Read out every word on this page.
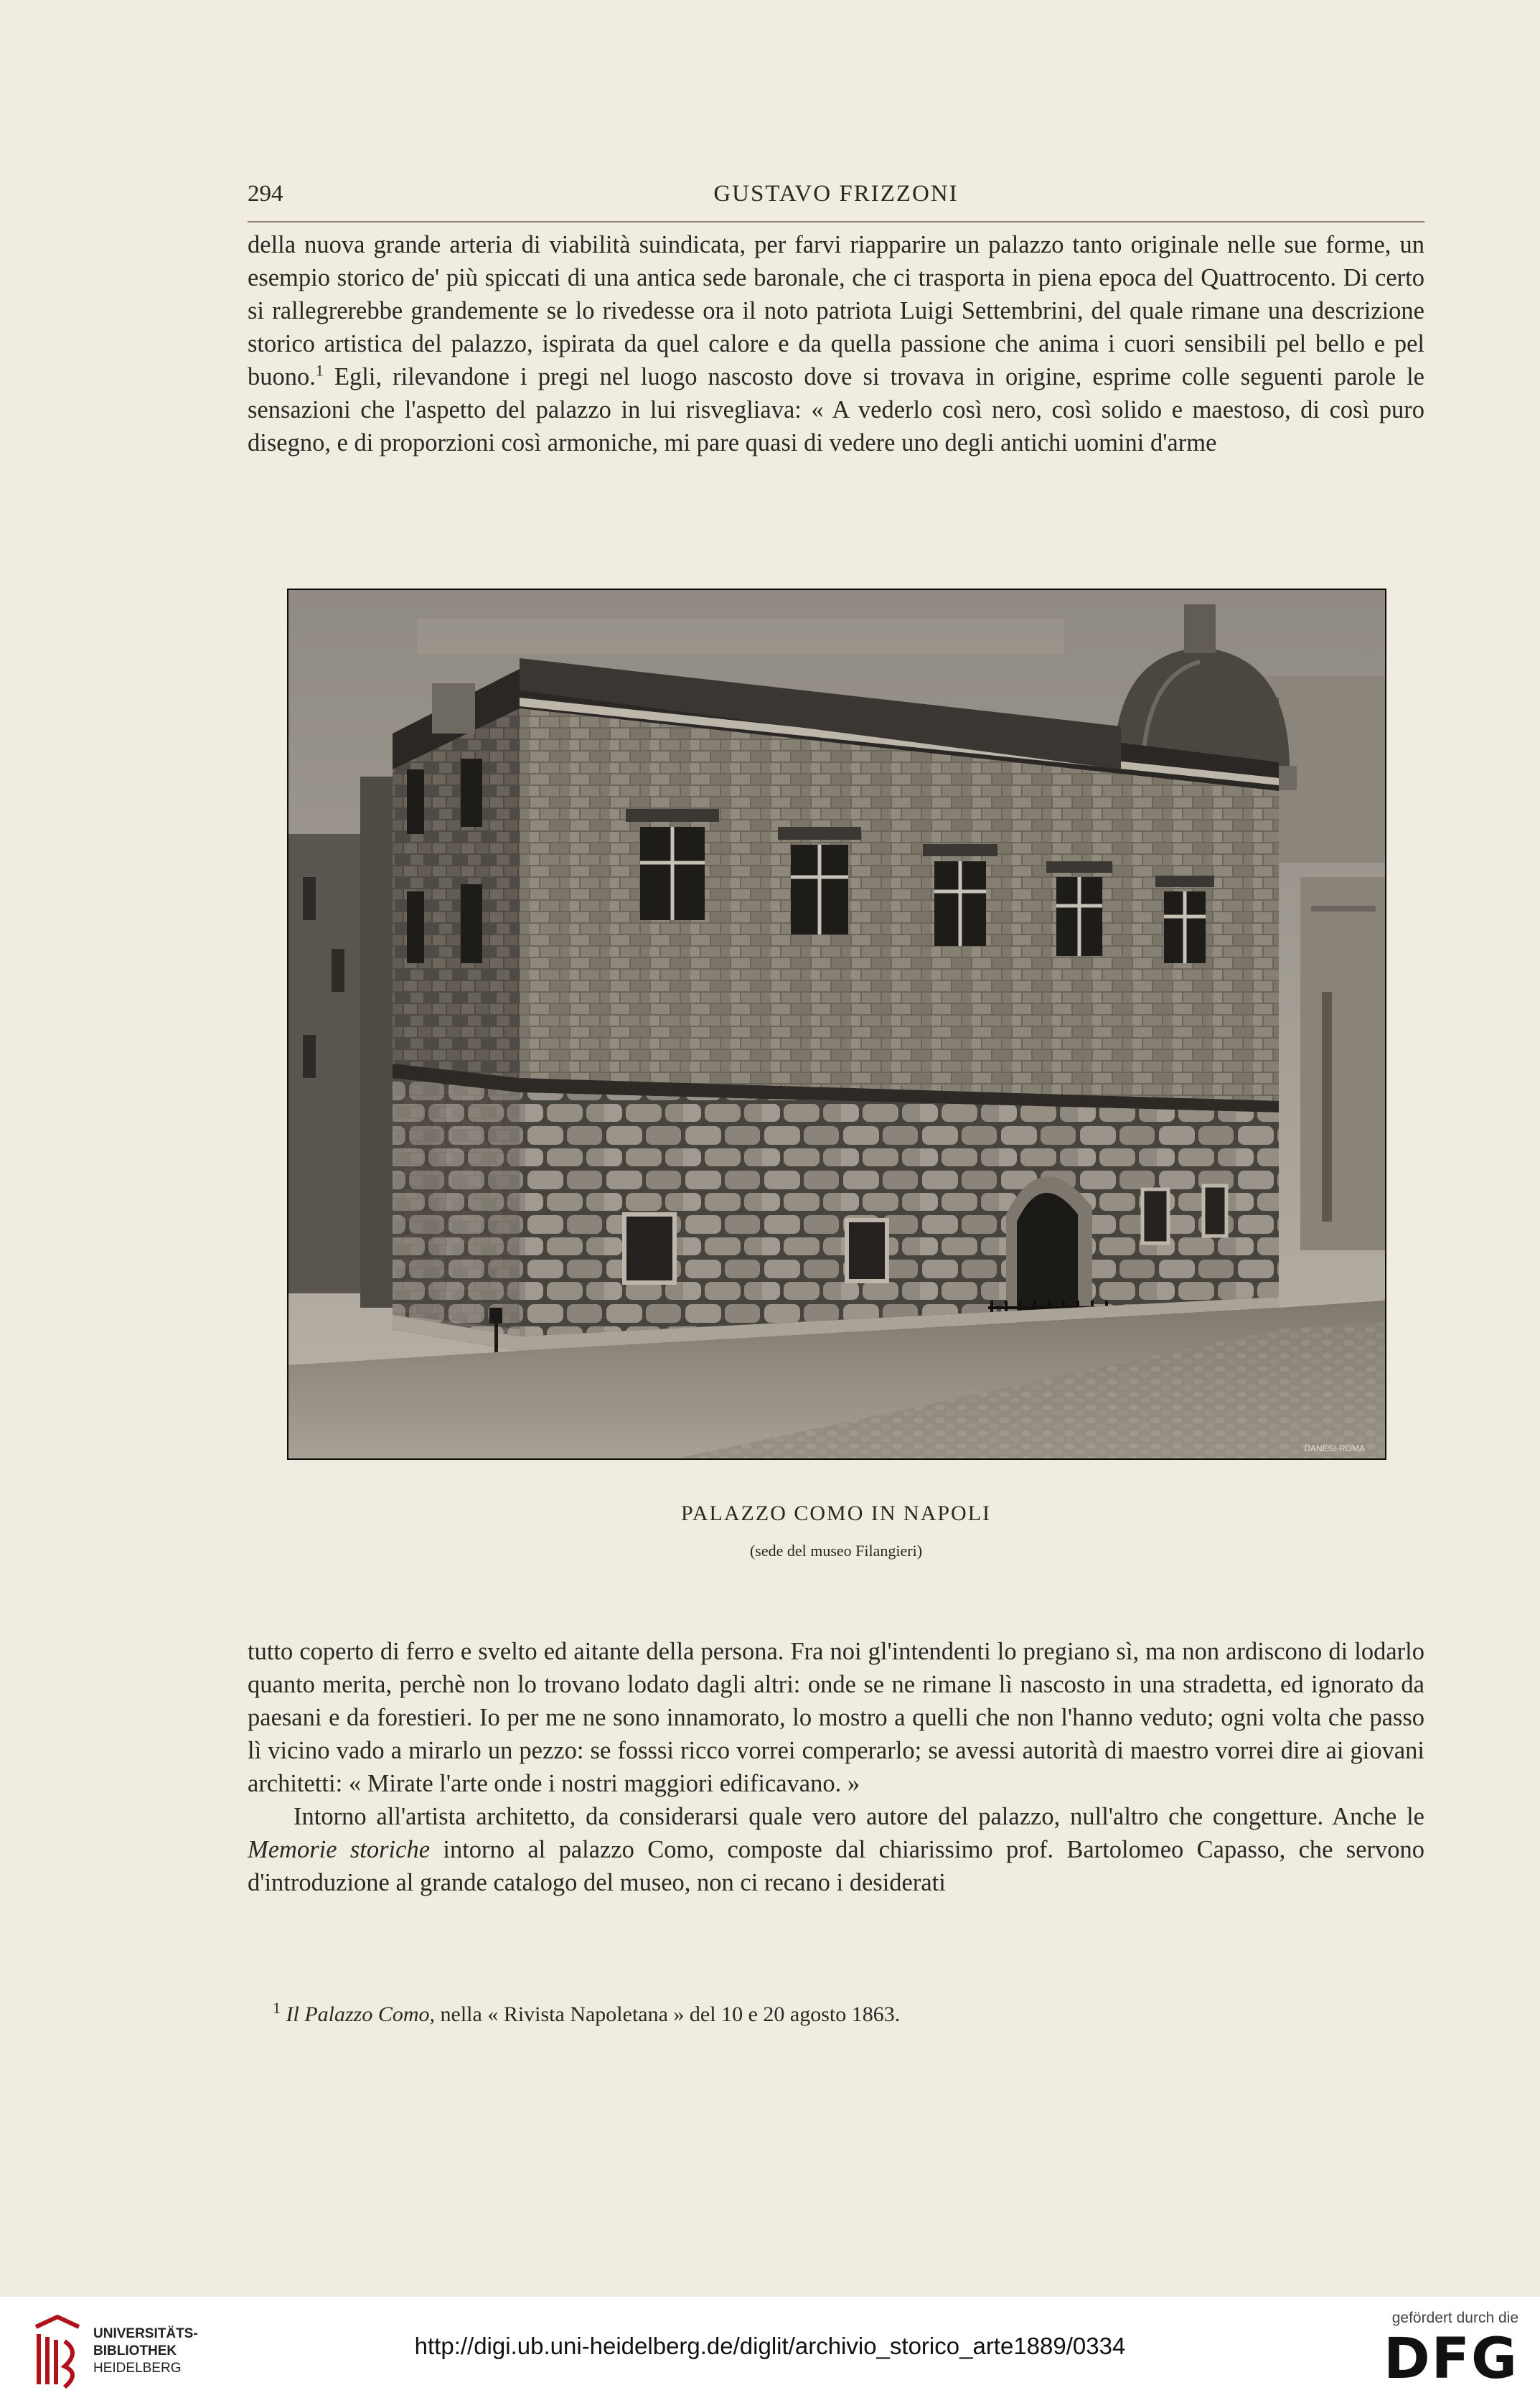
294	GUSTAVO FRIZZONI

della nuova grande arteria di viabilità suindicata, per farvi riapparire un palazzo tanto originale nelle sue forme, un esempio storico de' più spiccati di una antica sede baronale, che ci trasporta in piena epoca del Quattrocento. Di certo si rallegrerebbe grandemente se lo rivedesse ora il noto patriota Luigi Settembrini, del quale rimane una descrizione storico artistica del palazzo, ispirata da quel calore e da quella passione che anima i cuori sensibili pel bello e pel buono.$^1$ Egli, rilevandone i pregi nel luogo nascosto dove si trovava in origine, esprime colle seguenti parole le sensazioni che l'aspetto del palazzo in lui risvegliava: « A vederlo così nero, così solido e maestoso, di così puro disegno, e di proporzioni così armoniche, mi pare quasi di vedere uno degli antichi uomini d'arme

DANESI-ROMA
PALAZZO COMO IN NAPOLI
(sede del museo Filangieri)

tutto coperto di ferro e svelto ed aitante della persona. Fra noi gl'intendenti lo pregiano sì, ma non ardiscono di lodarlo quanto merita, perchè non lo trovano lodato dagli altri: onde se ne rimane lì nascosto in una stradetta, ed ignorato da paesani e da forestieri. Io per me ne sono innamorato, lo mostro a quelli che non l'hanno veduto; ogni volta che passo lì vicino vado a mirarlo un pezzo: se fosssi ricco vorrei comperarlo; se avessi autorità di maestro vorrei dire ai giovani architetti: « Mirate l'arte onde i nostri maggiori edificavano. »

Intorno all'artista architetto, da considerarsi quale vero autore del palazzo, null'altro che congetture. Anche le Memorie storiche intorno al palazzo Como, composte dal chiarissimo prof. Bartolomeo Capasso, che servono d'introduzione al grande catalogo del museo, non ci recano i desiderati

$^1$ Il Palazzo Como, nella « Rivista Napoletana » del 10 e 20 agosto 1863.
UNIVERSITÄTS-
BIBLIOTHEK
HEIDELBERG
http://digi.ub.uni-heidelberg.de/diglit/archivio_storico_arte1889/0334
gefördert durch die
DFG
